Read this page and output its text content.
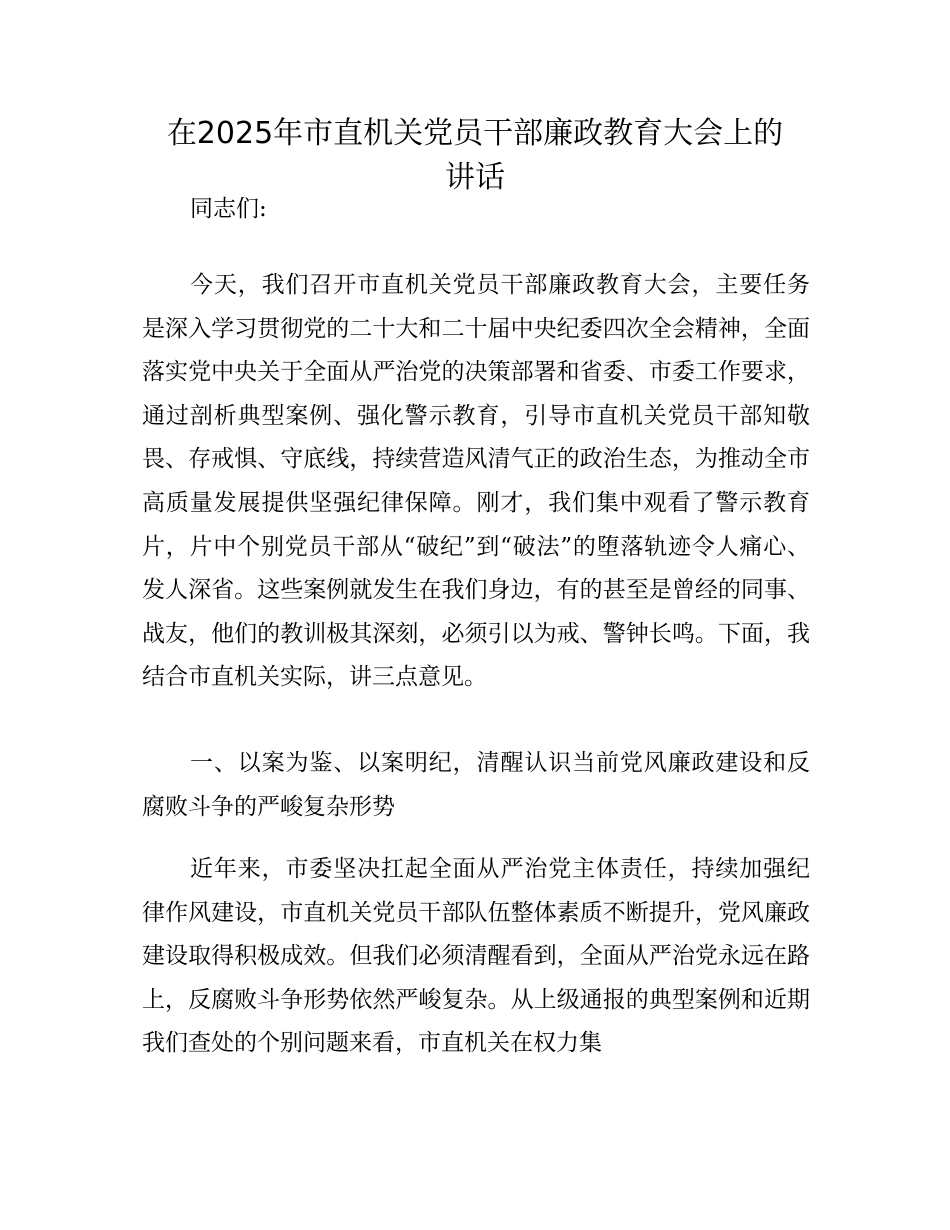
在2025年市直机关党员干部廉政教育大会上的
讲话

同志们:

今天，我们召开市直机关党员干部廉政教育大会，主要任务是深入学习贯彻党的二十大和二十届中央纪委四次全会精神，全面落实党中央关于全面从严治党的决策部署和省委、市委工作要求，通过剖析典型案例、强化警示教育，引导市直机关党员干部知敬畏、存戒惧、守底线，持续营造风清气正的政治生态，为推动全市高质量发展提供坚强纪律保障。刚才，我们集中观看了警示教育片，片中个别党员干部从“破纪”到“破法”的堕落轨迹令人痛心、发人深省。这些案例就发生在我们身边，有的甚至是曾经的同事、战友，他们的教训极其深刻，必须引以为戒、警钟长鸣。下面，我结合市直机关实际，讲三点意见。

一、以案为鉴、以案明纪，清醒认识当前党风廉政建设和反腐败斗争的严峻复杂形势

近年来，市委坚决扛起全面从严治党主体责任，持续加强纪律作风建设，市直机关党员干部队伍整体素质不断提升，党风廉政建设取得积极成效。但我们必须清醒看到，全面从严治党永远在路上，反腐败斗争形势依然严峻复杂。从上级通报的典型案例和近期我们查处的个别问题来看，市直机关在权力集
